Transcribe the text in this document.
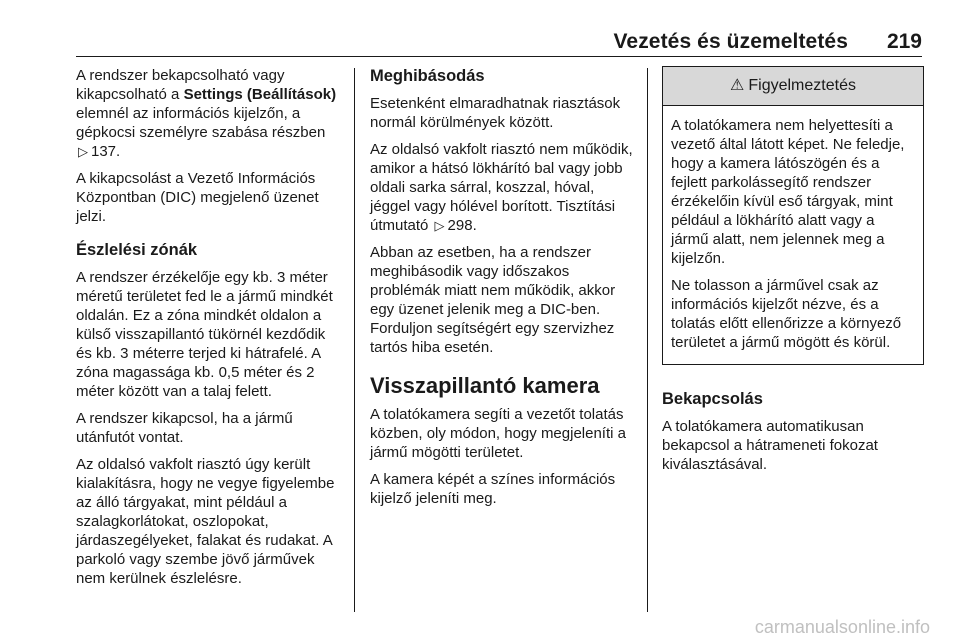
Vezetés és üzemeltetés 219

A rendszer bekapcsolható vagy kikapcsolható a Settings (Beállítások) elemnél az információs kijelzőn, a gépkocsi személyre szabása részben ▷ 137.

A kikapcsolást a Vezető Információs Központban (DIC) megjelenő üzenet jelzi.

Észlelési zónák

A rendszer érzékelője egy kb. 3 méter méretű területet fed le a jármű mindkét oldalán. Ez a zóna mindkét oldalon a külső visszapillantó tükörnél kezdődik és kb. 3 méterre terjed ki hátrafelé. A zóna magassága kb. 0,5 méter és 2 méter között van a talaj felett.

A rendszer kikapcsol, ha a jármű utánfutót vontat.

Az oldalsó vakfolt riasztó úgy került kialakításra, hogy ne vegye figyelembe az álló tárgyakat, mint például a szalagkorlátokat, oszlopokat, járdaszegélyeket, falakat és rudakat. A parkoló vagy szembe jövő járművek nem kerülnek észlelésre.

Meghibásodás

Esetenként elmaradhatnak riasztások normál körülmények között.

Az oldalsó vakfolt riasztó nem működik, amikor a hátsó lökhárító bal vagy jobb oldali sarka sárral, koszzal, hóval, jéggel vagy hólével borított. Tisztítási útmutató ▷ 298.

Abban az esetben, ha a rendszer meghibásodik vagy időszakos problémák miatt nem működik, akkor egy üzenet jelenik meg a DIC-ben. Forduljon segítségért egy szervizhez tartós hiba esetén.

Visszapillantó kamera

A tolatókamera segíti a vezetőt tolatás közben, oly módon, hogy megjeleníti a jármű mögötti területet.

A kamera képét a színes információs kijelző jeleníti meg.

⚠ Figyelmeztetés

A tolatókamera nem helyettesíti a vezető által látott képet. Ne feledje, hogy a kamera látószögén és a fejlett parkolássegítő rendszer érzékelőin kívül eső tárgyak, mint például a lökhárító alatt vagy a jármű alatt, nem jelennek meg a kijelzőn.

Ne tolasson a járművel csak az információs kijelzőt nézve, és a tolatás előtt ellenőrizze a környező területet a jármű mögött és körül.

Bekapcsolás

A tolatókamera automatikusan bekapcsol a hátrameneti fokozat kiválasztásával.

carmanualsonline.info
